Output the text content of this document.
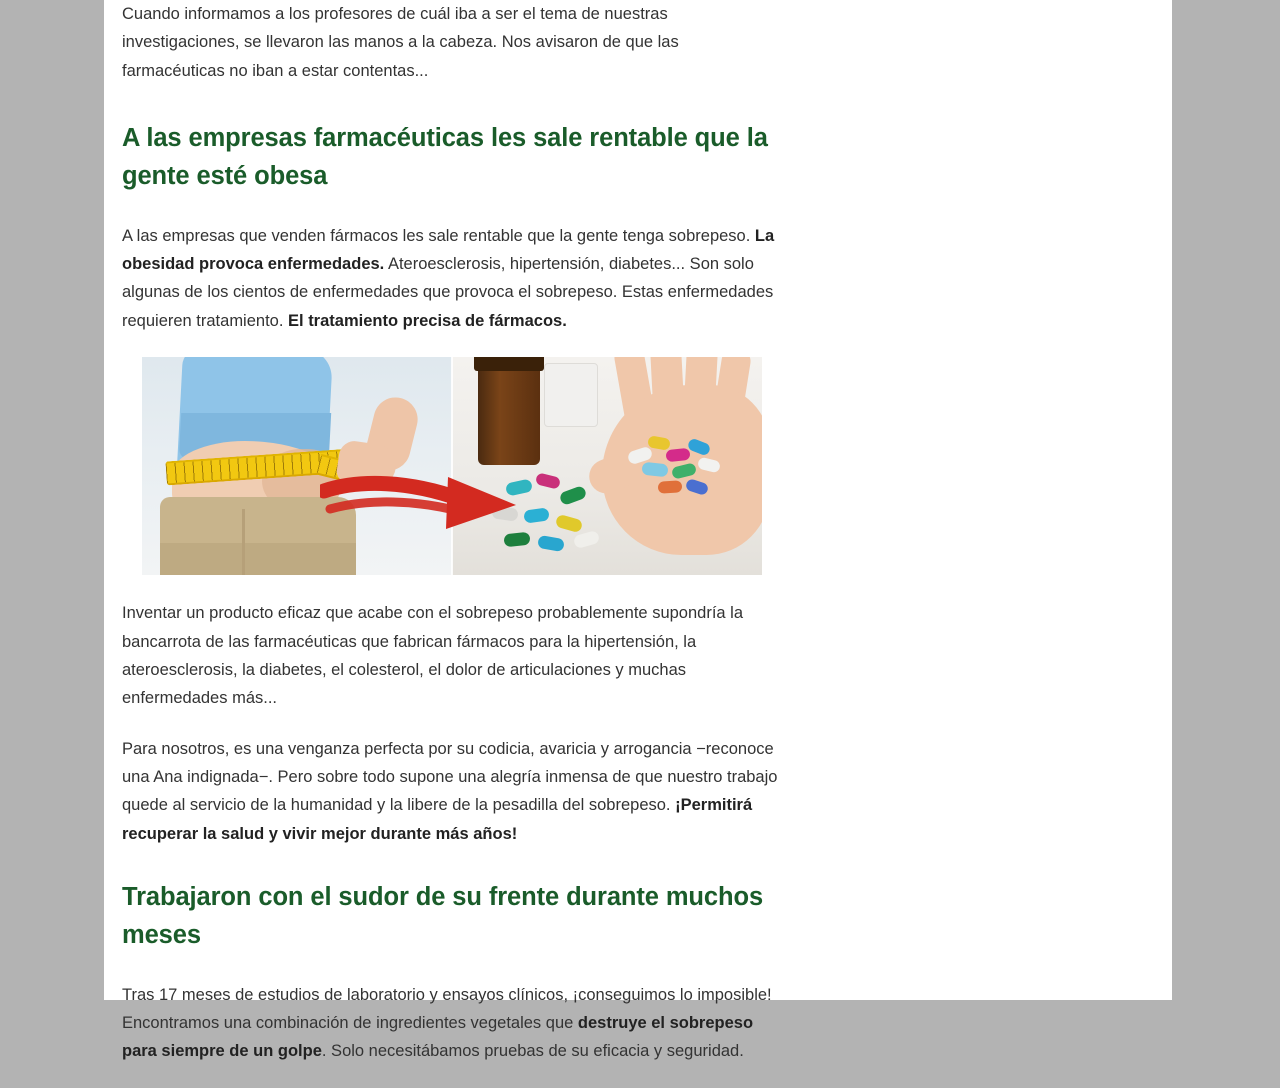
Cuando informamos a los profesores de cuál iba a ser el tema de nuestras investigaciones, se llevaron las manos a la cabeza. Nos avisaron de que las farmacéuticas no iban a estar contentas...

A las empresas farmacéuticas les sale rentable que la gente esté obesa

A las empresas que venden fármacos les sale rentable que la gente tenga sobrepeso. La obesidad provoca enfermedades. Ateroesclerosis, hipertensión, diabetes... Son solo algunas de los cientos de enfermedades que provoca el sobrepeso. Estas enfermedades requieren tratamiento. El tratamiento precisa de fármacos.

Inventar un producto eficaz que acabe con el sobrepeso probablemente supondría la bancarrota de las farmacéuticas que fabrican fármacos para la hipertensión, la ateroesclerosis, la diabetes, el colesterol, el dolor de articulaciones y muchas enfermedades más...

Para nosotros, es una venganza perfecta por su codicia, avaricia y arrogancia −reconoce una Ana indignada−. Pero sobre todo supone una alegría inmensa de que nuestro trabajo quede al servicio de la humanidad y la libere de la pesadilla del sobrepeso. ¡Permitirá recuperar la salud y vivir mejor durante más años!

Trabajaron con el sudor de su frente durante muchos meses

Tras 17 meses de estudios de laboratorio y ensayos clínicos, ¡conseguimos lo imposible! Encontramos una combinación de ingredientes vegetales que destruye el sobrepeso para siempre de un golpe. Solo necesitábamos pruebas de su eficacia y seguridad.
